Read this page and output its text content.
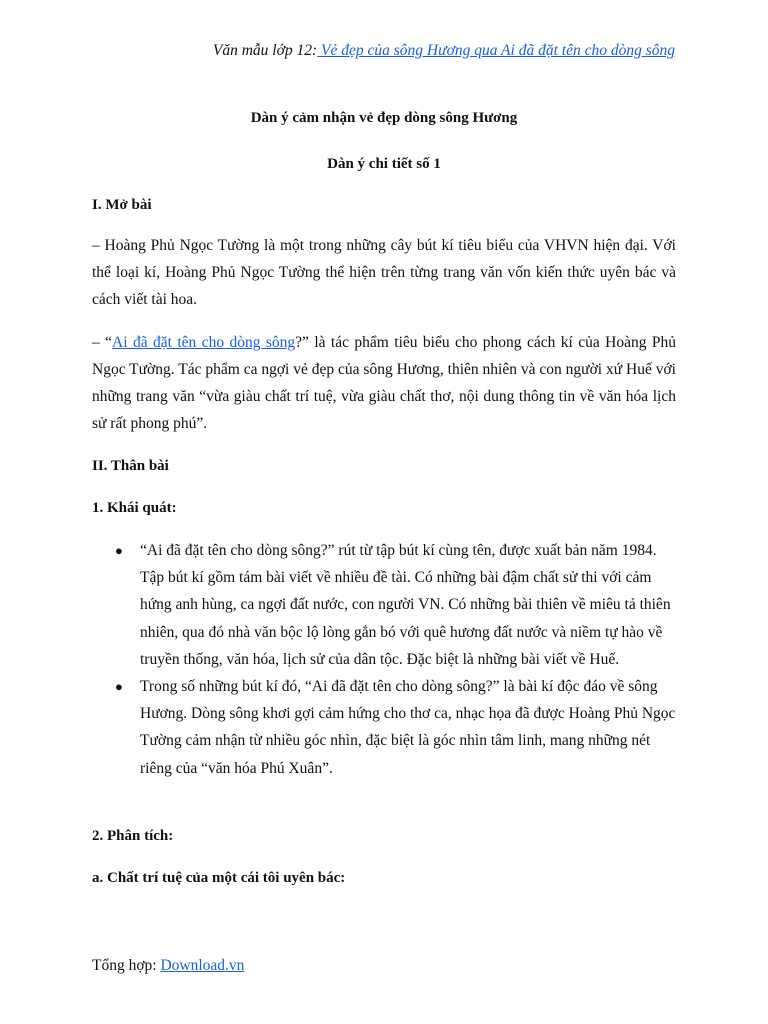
Văn mẫu lớp 12: Vẻ đẹp của sông Hương qua Ai đã đặt tên cho dòng sông
Dàn ý cảm nhận vẻ đẹp dòng sông Hương
Dàn ý chi tiết số 1
I. Mở bài
– Hoàng Phủ Ngọc Tường là một trong những cây bút kí tiêu biểu của VHVN hiện đại. Với thể loại kí, Hoàng Phủ Ngọc Tường thể hiện trên từng trang văn vốn kiến thức uyên bác và cách viết tài hoa.
– “Ai đã đặt tên cho dòng sông?” là tác phẩm tiêu biểu cho phong cách kí của Hoàng Phủ Ngọc Tường. Tác phẩm ca ngợi vẻ đẹp của sông Hương, thiên nhiên và con người xứ Huế với những trang văn “vừa giàu chất trí tuệ, vừa giàu chất thơ, nội dung thông tin về văn hóa lịch sử rất phong phú”.
II. Thân bài
1. Khái quát:
● “Ai đã đặt tên cho dòng sông?” rút từ tập bút kí cùng tên, được xuất bản năm 1984. Tập bút kí gồm tám bài viết về nhiều đề tài. Có những bài đậm chất sử thi với cảm hứng anh hùng, ca ngợi đất nước, con người VN. Có những bài thiên về miêu tả thiên nhiên, qua đó nhà văn bộc lộ lòng gắn bó với quê hương đất nước và niềm tự hào về truyền thống, văn hóa, lịch sử của dân tộc. Đặc biệt là những bài viết về Huế.
● Trong số những bút kí đó, “Ai đã đặt tên cho dòng sông?” là bài kí độc đáo về sông Hương. Dòng sông khơi gợi cảm hứng cho thơ ca, nhạc họa đã được Hoàng Phủ Ngọc Tường cảm nhận từ nhiều góc nhìn, đặc biệt là góc nhìn tâm linh, mang những nét riêng của “văn hóa Phú Xuân”.
2. Phân tích:
a. Chất trí tuệ của một cái tôi uyên bác:
Tổng hợp: Download.vn
